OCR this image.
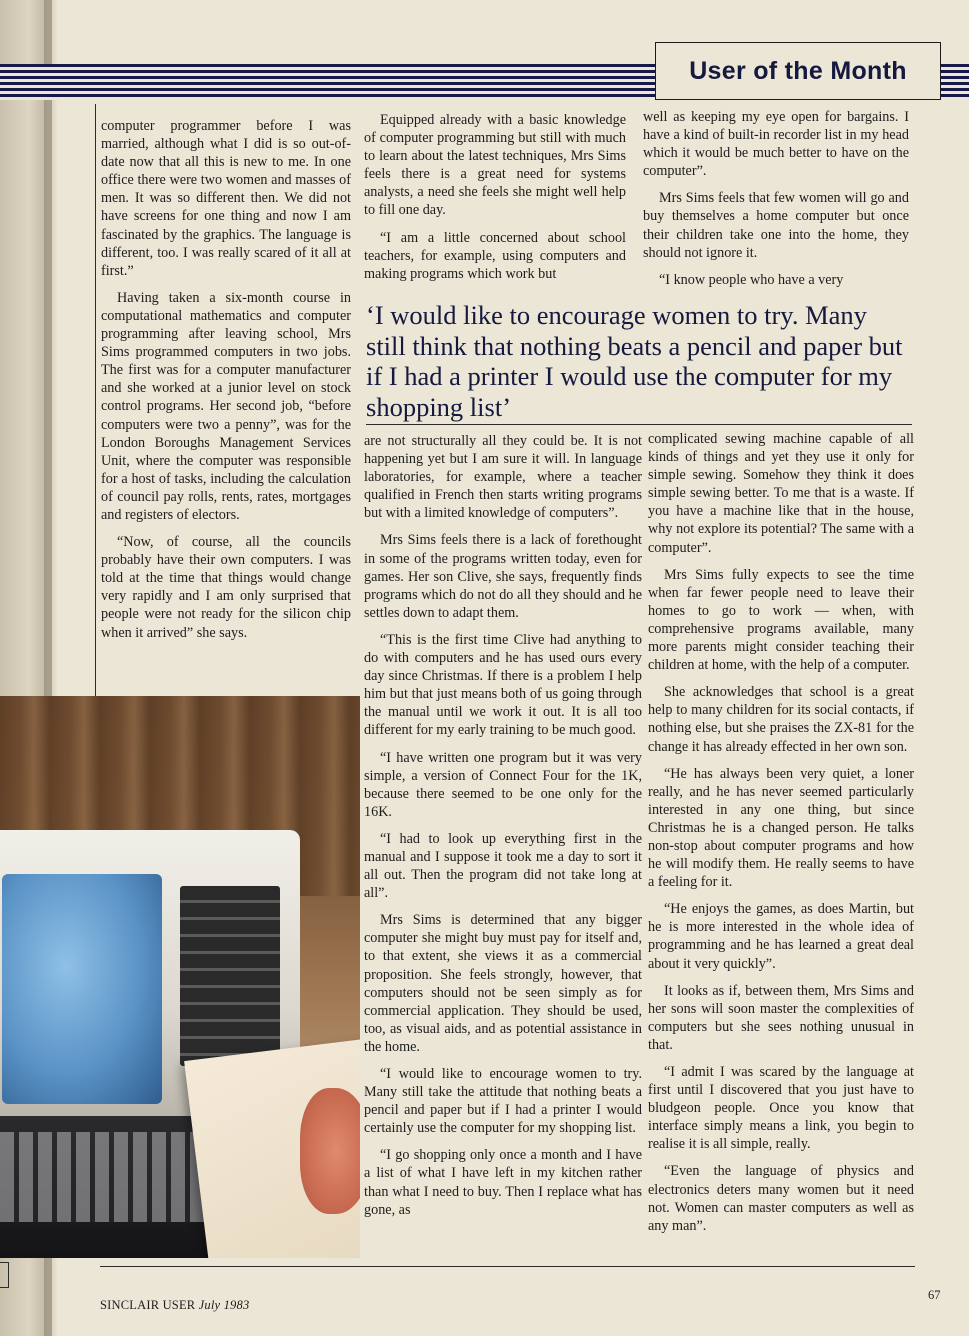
User of the Month

computer programmer before I was married, although what I did is so out-of-date now that all this is new to me. In one office there were two women and masses of men. It was so different then. We did not have screens for one thing and now I am fascinated by the graphics. The language is different, too. I was really scared of it all at first.”

Having taken a six-month course in computational mathematics and computer programming after leaving school, Mrs Sims programmed computers in two jobs. The first was for a computer manufacturer and she worked at a junior level on stock control programs. Her second job, “before computers were two a penny”, was for the London Boroughs Management Services Unit, where the computer was responsible for a host of tasks, including the calculation of council pay rolls, rents, rates, mortgages and registers of electors.

“Now, of course, all the councils probably have their own computers. I was told at the time that things would change very rapidly and I am only surprised that people were not ready for the silicon chip when it arrived” she says.

Equipped already with a basic knowledge of computer programming but still with much to learn about the latest techniques, Mrs Sims feels there is a great need for systems analysts, a need she feels she might well help to fill one day.

“I am a little concerned about school teachers, for example, using computers and making programs which work but

well as keeping my eye open for bargains. I have a kind of built-in recorder list in my head which it would be much better to have on the computer”.

Mrs Sims feels that few women will go and buy themselves a home computer but once their children take one into the home, they should not ignore it.

“I know people who have a very

‘I would like to encourage women to try. Many still think that nothing beats a pencil and paper but if I had a printer I would use the computer for my shopping list’

are not structurally all they could be. It is not happening yet but I am sure it will. In language laboratories, for example, where a teacher qualified in French then starts writing programs but with a limited knowledge of computers”.

Mrs Sims feels there is a lack of forethought in some of the programs written today, even for games. Her son Clive, she says, frequently finds programs which do not do all they should and he settles down to adapt them.

“This is the first time Clive had anything to do with computers and he has used ours every day since Christmas. If there is a problem I help him but that just means both of us going through the manual until we work it out. It is all too different for my early training to be much good.

“I have written one program but it was very simple, a version of Connect Four for the 1K, because there seemed to be one only for the 16K.

“I had to look up everything first in the manual and I suppose it took me a day to sort it all out. Then the program did not take long at all”.

Mrs Sims is determined that any bigger computer she might buy must pay for itself and, to that extent, she views it as a commercial proposition. She feels strongly, however, that computers should not be seen simply as for commercial application. They should be used, too, as visual aids, and as potential assistance in the home.

“I would like to encourage women to try. Many still take the attitude that nothing beats a pencil and paper but if I had a printer I would certainly use the computer for my shopping list.

“I go shopping only once a month and I have a list of what I have left in my kitchen rather than what I need to buy. Then I replace what has gone, as

complicated sewing machine capable of all kinds of things and yet they use it only for simple sewing. Somehow they think it does simple sewing better. To me that is a waste. If you have a machine like that in the house, why not explore its potential? The same with a computer”.

Mrs Sims fully expects to see the time when far fewer people need to leave their homes to go to work — when, with comprehensive programs available, many more parents might consider teaching their children at home, with the help of a computer.

She acknowledges that school is a great help to many children for its social contacts, if nothing else, but she praises the ZX-81 for the change it has already effected in her own son.

“He has always been very quiet, a loner really, and he has never seemed particularly interested in any one thing, but since Christmas he is a changed person. He talks non-stop about computer programs and how he will modify them. He really seems to have a feeling for it.

“He enjoys the games, as does Martin, but he is more interested in the whole idea of programming and he has learned a great deal about it very quickly”.

It looks as if, between them, Mrs Sims and her sons will soon master the complexities of computers but she sees nothing unusual in that.

“I admit I was scared by the language at first until I discovered that you just have to bludgeon people. Once you know that interface simply means a link, you begin to realise it is all simple, really.

“Even the language of physics and electronics deters many women but it need not. Women can master computers as well as any man”.

SINCLAIR USER July 1983
67
